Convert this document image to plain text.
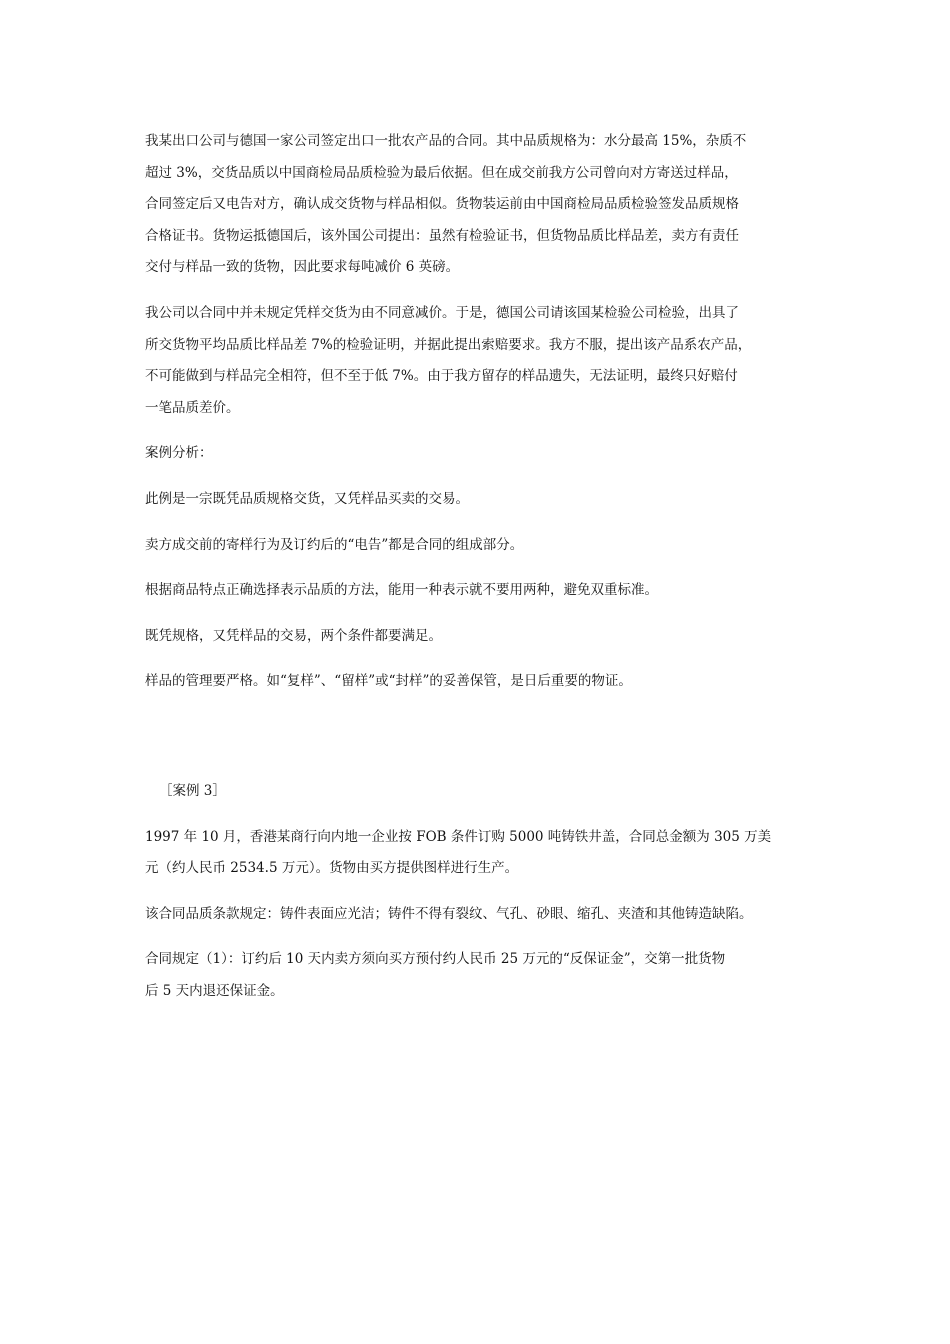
我某出口公司与德国一家公司签定出口一批农产品的合同。其中品质规格为：水分最高 15%，杂质不
超过 3%，交货品质以中国商检局品质检验为最后依据。但在成交前我方公司曾向对方寄送过样品，
合同签定后又电告对方，确认成交货物与样品相似。货物装运前由中国商检局品质检验签发品质规格
合格证书。货物运抵德国后，该外国公司提出：虽然有检验证书，但货物品质比样品差，卖方有责任
交付与样品一致的货物，因此要求每吨减价 6 英磅。
我公司以合同中并未规定凭样交货为由不同意减价。于是，德国公司请该国某检验公司检验，出具了
所交货物平均品质比样品差 7%的检验证明，并据此提出索赔要求。我方不服，提出该产品系农产品，
不可能做到与样品完全相符，但不至于低 7%。由于我方留存的样品遗失，无法证明，最终只好赔付
一笔品质差价。
案例分析：
此例是一宗既凭品质规格交货，又凭样品买卖的交易。
卖方成交前的寄样行为及订约后的“电告”都是合同的组成部分。
根据商品特点正确选择表示品质的方法，能用一种表示就不要用两种，避免双重标准。
既凭规格，又凭样品的交易，两个条件都要满足。
样品的管理要严格。如“复样”、“留样”或“封样”的妥善保管，是日后重要的物证。
［案例 3］
1997 年 10 月，香港某商行向内地一企业按 FOB 条件订购 5000 吨铸铁井盖，合同总金额为 305 万美
元（约人民币 2534.5 万元）。货物由买方提供图样进行生产。
该合同品质条款规定：铸件表面应光洁；铸件不得有裂纹、气孔、砂眼、缩孔、夹渣和其他铸造缺陷。
合同规定（1）：订约后 10 天内卖方须向买方预付约人民币 25 万元的“反保证金”，交第一批货物
后 5 天内退还保证金。
